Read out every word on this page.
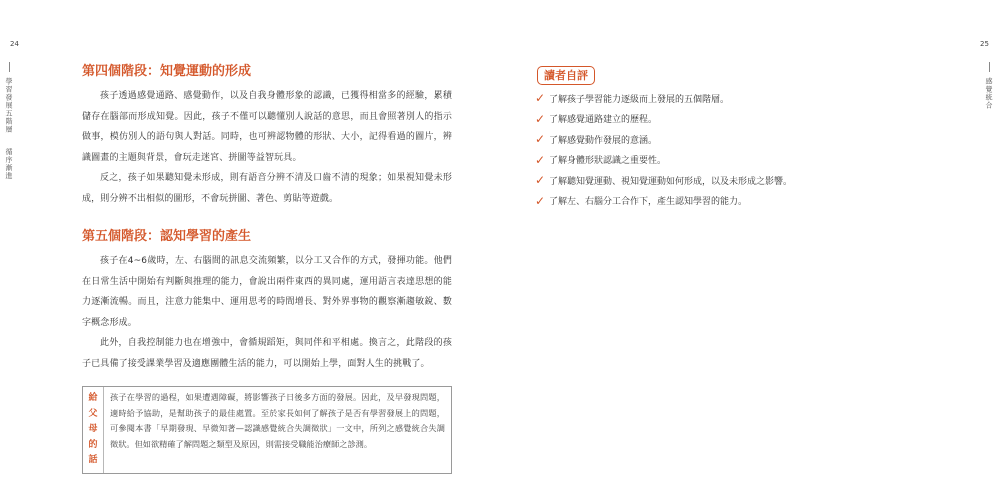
24
學習發展五階層  循序漸進
25
感覺統合
第四個階段：知覺運動的形成

孩子透過感覺通路、感覺動作，以及自我身體形象的認識，已獲得相當多的經驗，累積儲存在腦部而形成知覺。因此，孩子不僅可以聽懂別人說話的意思，而且會照著別人的指示做事，模仿別人的語句與人對話。同時，也可辨認物體的形狀、大小，記得看過的圖片，辨識圖畫的主題與背景，會玩走迷宮、拼圖等益智玩具。

反之，孩子如果聽知覺未形成，則有語音分辨不清及口齒不清的現象；如果視知覺未形成，則分辨不出相似的圖形，不會玩拼圖、著色、剪貼等遊戲。

第五個階段：認知學習的產生

孩子在4~6歲時，左、右腦間的訊息交流頻繁，以分工又合作的方式，發揮功能。他們在日常生活中開始有判斷與推理的能力，會說出兩件東西的異同處，運用語言表達思想的能力逐漸流暢。而且，注意力能集中、運用思考的時間增長、對外界事物的觀察漸趨敏銳、數字概念形成。

此外，自我控制能力也在增強中，會循規蹈矩，與同伴和平相處。換言之，此階段的孩子已具備了接受課業學習及適應團體生活的能力，可以開始上學，面對人生的挑戰了。

給
父
母
的
話
孩子在學習的過程，如果遭遇障礙，將影響孩子日後多方面的發展。因此，及早發現問題，適時給予協助，是幫助孩子的最佳處置。至於家長如何了解孩子是否有學習發展上的問題，可參閱本書「早期發現、早微知著—認識感覺統合失調徵狀」一文中，所列之感覺統合失調徵狀。但如欲精確了解問題之類型及原因，則需接受職能治療師之診測。
讀者自評
✓ 了解孩子學習能力逐級而上發展的五個階層。
✓ 了解感覺通路建立的歷程。
✓ 了解感覺動作發展的意涵。
✓ 了解身體形狀認識之重要性。
✓ 了解聽知覺運動、視知覺運動如何形成，以及未形成之影響。
✓ 了解左、右腦分工合作下，產生認知學習的能力。
